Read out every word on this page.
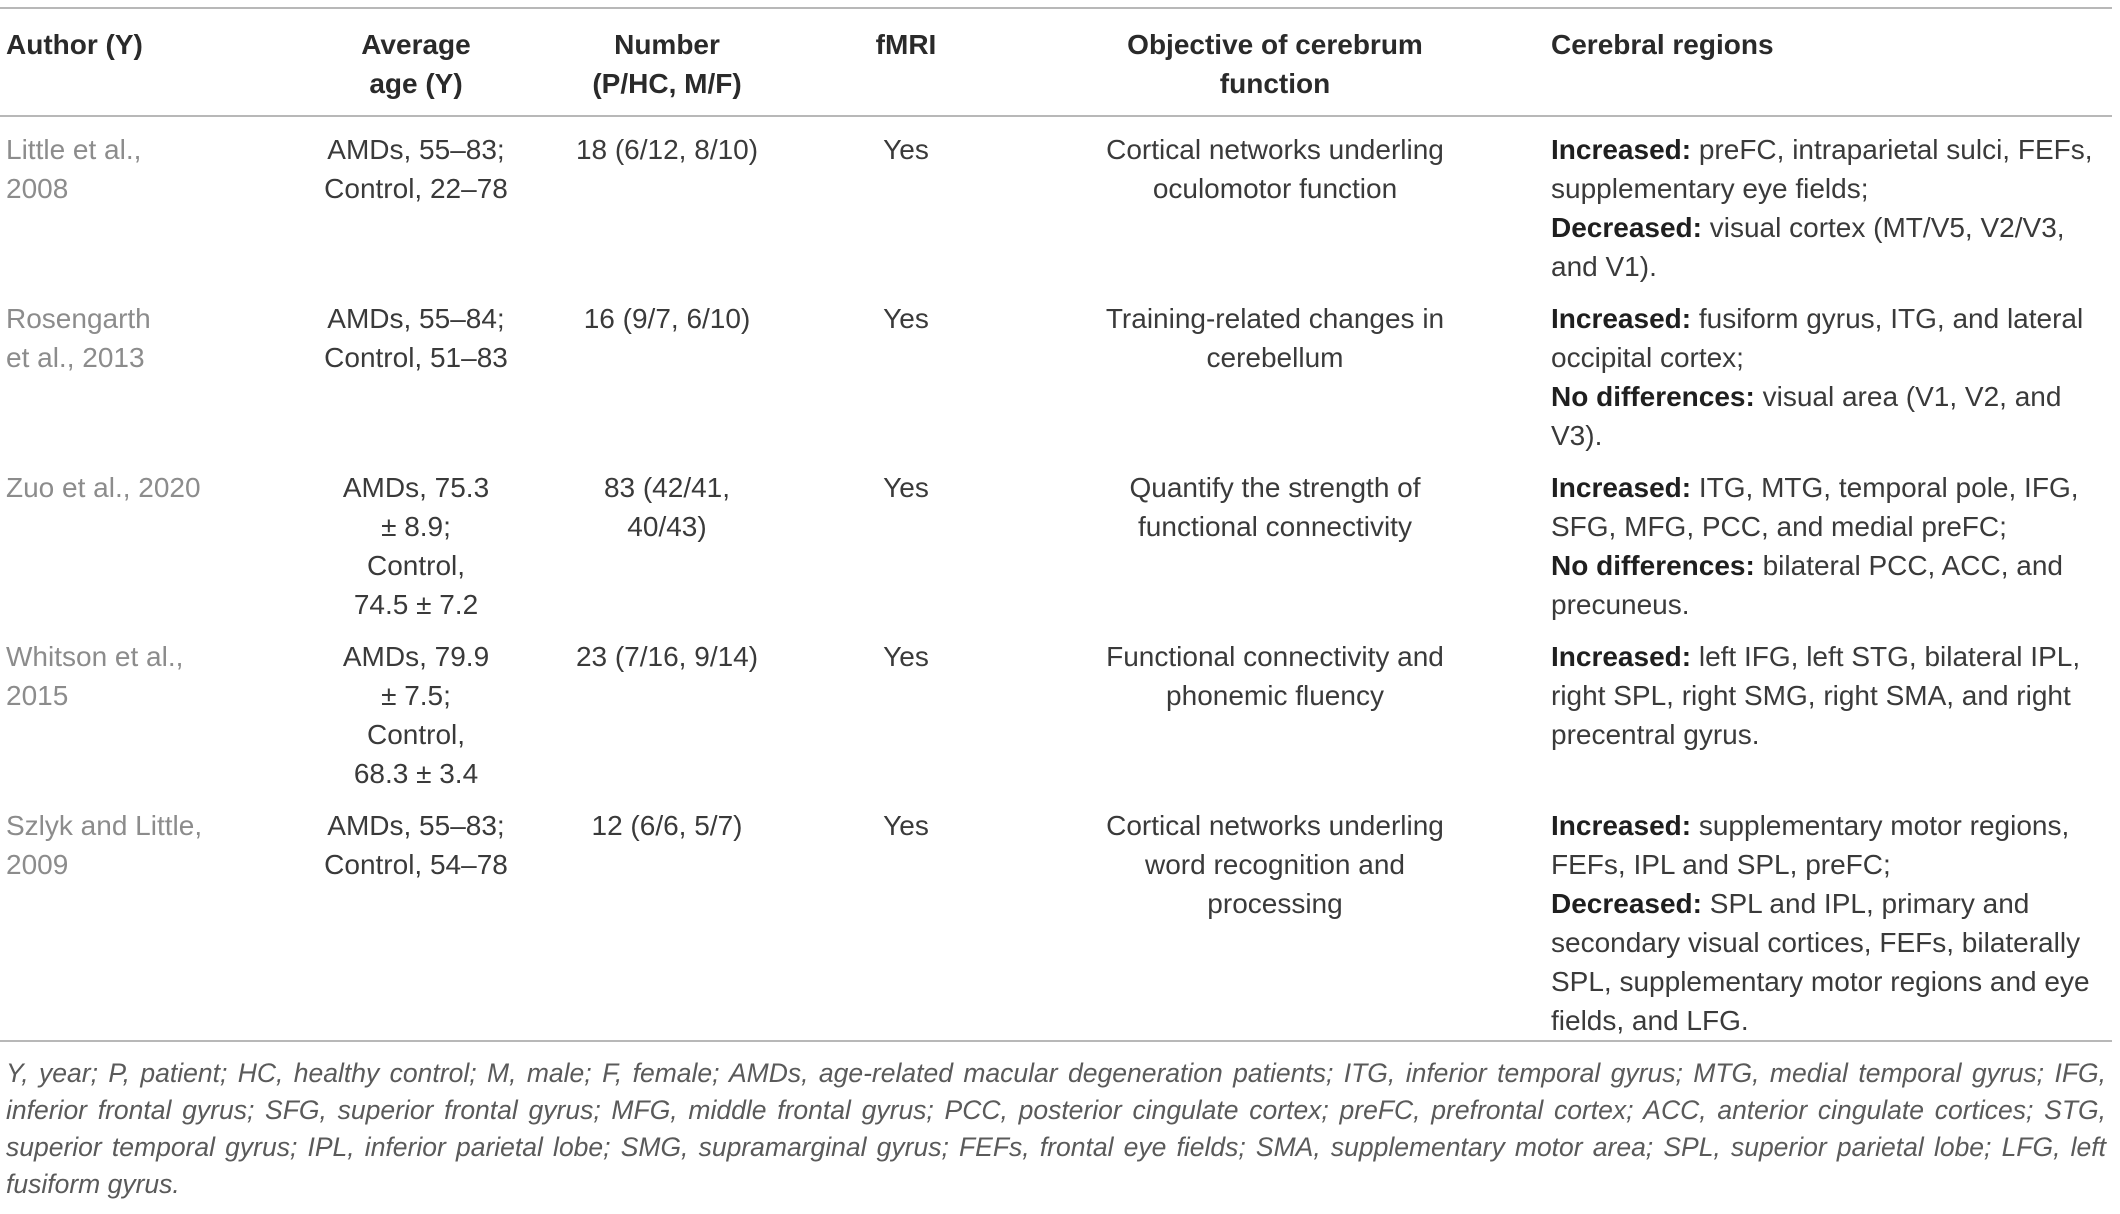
Author (Y)	Average age (Y)	Number (P/HC, M/F)	fMRI	Objective of cerebrum function	Cerebral regions

Little et al., 2008	AMDs, 55–83; Control, 22–78	18 (6/12, 8/10)	Yes	Cortical networks underling oculomotor function	Increased: preFC, intraparietal sulci, FEFs, supplementary eye fields;
Decreased: visual cortex (MT/V5, V2/V3, and V1).

Rosengarth et al., 2013	AMDs, 55–84; Control, 51–83	16 (9/7, 6/10)	Yes	Training-related changes in cerebellum	Increased: fusiform gyrus, ITG, and lateral occipital cortex;
No differences: visual area (V1, V2, and V3).

Zuo et al., 2020	AMDs, 75.3 ± 8.9; Control, 74.5 ± 7.2	83 (42/41, 40/43)	Yes	Quantify the strength of functional connectivity	Increased: ITG, MTG, temporal pole, IFG, SFG, MFG, PCC, and medial preFC;
No differences: bilateral PCC, ACC, and precuneus.

Whitson et al., 2015	AMDs, 79.9 ± 7.5; Control, 68.3 ± 3.4	23 (7/16, 9/14)	Yes	Functional connectivity and phonemic fluency	Increased: left IFG, left STG, bilateral IPL, right SPL, right SMG, right SMA, and right precentral gyrus.

Szlyk and Little, 2009	AMDs, 55–83; Control, 54–78	12 (6/6, 5/7)	Yes	Cortical networks underling word recognition and processing	Increased: supplementary motor regions, FEFs, IPL and SPL, preFC;
Decreased: SPL and IPL, primary and secondary visual cortices, FEFs, bilaterally SPL, supplementary motor regions and eye fields, and LFG.
Y, year; P, patient; HC, healthy control; M, male; F, female; AMDs, age-related macular degeneration patients; ITG, inferior temporal gyrus; MTG, medial temporal gyrus; IFG, inferior frontal gyrus; SFG, superior frontal gyrus; MFG, middle frontal gyrus; PCC, posterior cingulate cortex; preFC, prefrontal cortex; ACC, anterior cingulate cortices; STG, superior temporal gyrus; IPL, inferior parietal lobe; SMG, supramarginal gyrus; FEFs, frontal eye fields; SMA, supplementary motor area; SPL, superior parietal lobe; LFG, left fusiform gyrus.
